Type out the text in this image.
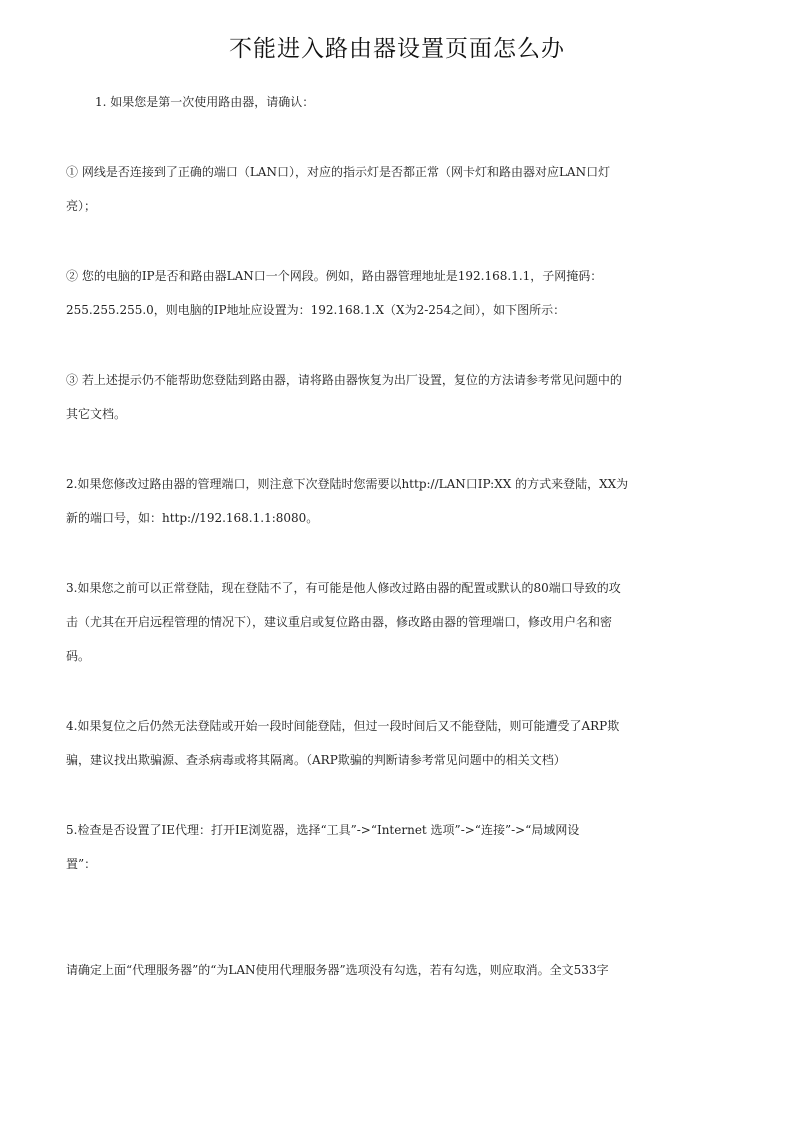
不能进入路由器设置页面怎么办
1. 如果您是第一次使用路由器，请确认：
① 网线是否连接到了正确的端口（LAN口），对应的指示灯是否都正常（网卡灯和路由器对应LAN口灯
亮）；
② 您的电脑的IP是否和路由器LAN口一个网段。例如，路由器管理地址是192.168.1.1，子网掩码：
255.255.255.0，则电脑的IP地址应设置为：192.168.1.X（X为2-254之间），如下图所示：
③ 若上述提示仍不能帮助您登陆到路由器，请将路由器恢复为出厂设置，复位的方法请参考常见问题中的
其它文档。
2.如果您修改过路由器的管理端口，则注意下次登陆时您需要以http://LAN口IP:XX 的方式来登陆，XX为
新的端口号，如：http://192.168.1.1:8080。
3.如果您之前可以正常登陆，现在登陆不了，有可能是他人修改过路由器的配置或默认的80端口导致的攻
击（尤其在开启远程管理的情况下），建议重启或复位路由器，修改路由器的管理端口，修改用户名和密
码。
4.如果复位之后仍然无法登陆或开始一段时间能登陆，但过一段时间后又不能登陆，则可能遭受了ARP欺
骗，建议找出欺骗源、查杀病毒或将其隔离。（ARP欺骗的判断请参考常见问题中的相关文档）
5.检查是否设置了IE代理：打开IE浏览器，选择“工具”->“Internet 选项”->“连接”->“局域网设
置”：
请确定上面“代理服务器”的“为LAN使用代理服务器”选项没有勾选，若有勾选，则应取消。全文533字
